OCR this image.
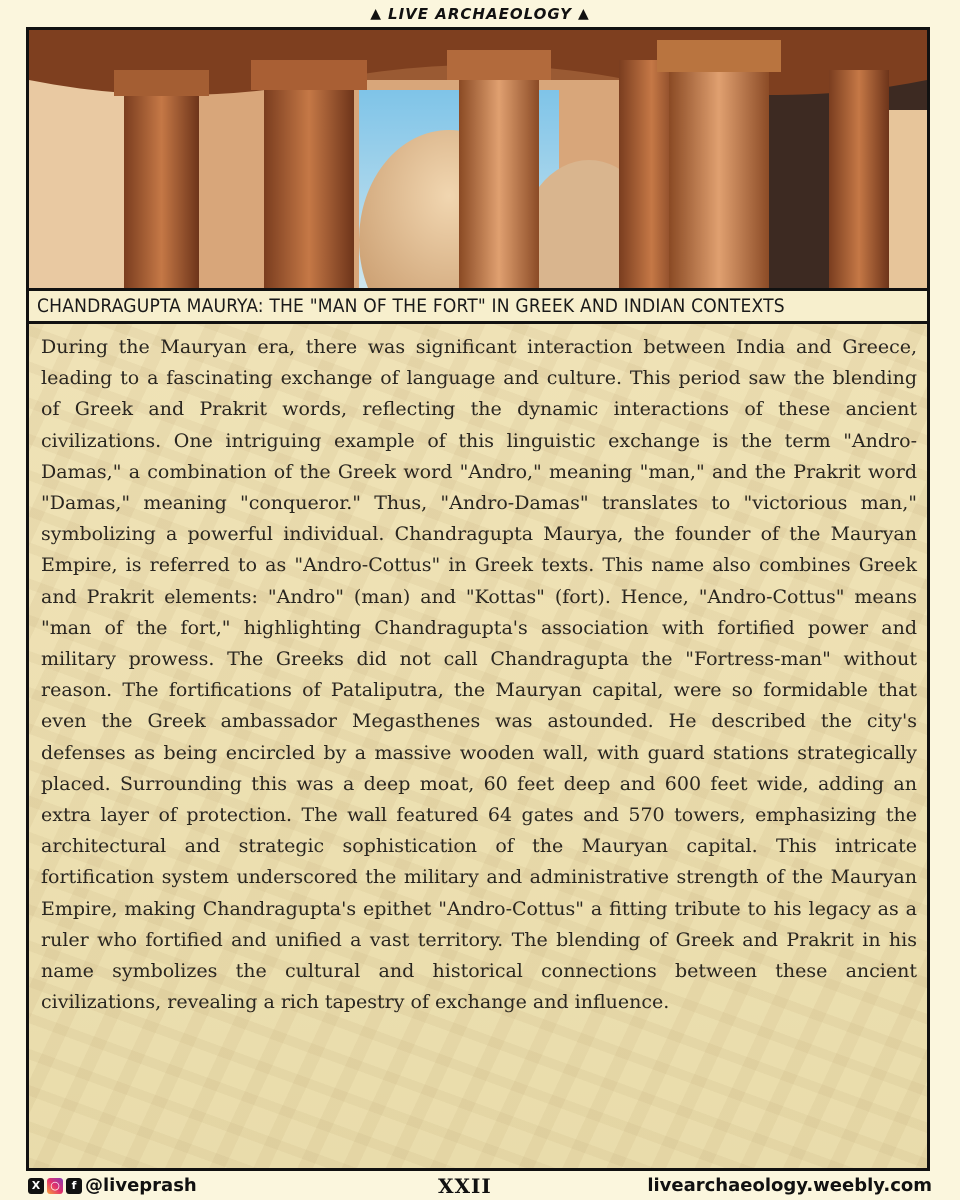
▲ LIVE ARCHAEOLOGY ▲
CHANDRAGUPTA MAURYA: THE "MAN OF THE FORT" IN GREEK AND INDIAN CONTEXTS

During the Mauryan era, there was significant interaction between India and Greece, leading to a fascinating exchange of language and culture. This period saw the blending of Greek and Prakrit words, reflecting the dynamic interactions of these ancient civilizations. One intriguing example of this linguistic exchange is the term "Andro-Damas," a combination of the Greek word "Andro," meaning "man," and the Prakrit word "Damas," meaning "conqueror." Thus, "Andro-Damas" translates to "victorious man," symbolizing a powerful individual. Chandragupta Maurya, the founder of the Mauryan Empire, is referred to as "Andro-Cottus" in Greek texts. This name also combines Greek and Prakrit elements: "Andro" (man) and "Kottas" (fort). Hence, "Andro-Cottus" means "man of the fort," highlighting Chandragupta's association with fortified power and military prowess. The Greeks did not call Chandragupta the "Fortress-man" without reason. The fortifications of Pataliputra, the Mauryan capital, were so formidable that even the Greek ambassador Megasthenes was astounded. He described the city's defenses as being encircled by a massive wooden wall, with guard stations strategically placed. Surrounding this was a deep moat, 60 feet deep and 600 feet wide, adding an extra layer of protection. The wall featured 64 gates and 570 towers, emphasizing the architectural and strategic sophistication of the Mauryan capital. This intricate fortification system underscored the military and administrative strength of the Mauryan Empire, making Chandragupta's epithet "Andro-Cottus" a fitting tribute to his legacy as a ruler who fortified and unified a vast territory. The blending of Greek and Prakrit in his name symbolizes the cultural and historical connections between these ancient civilizations, revealing a rich tapestry of exchange and influence.

X ○	f @liveprash	XXII	livearchaeology.weebly.com
